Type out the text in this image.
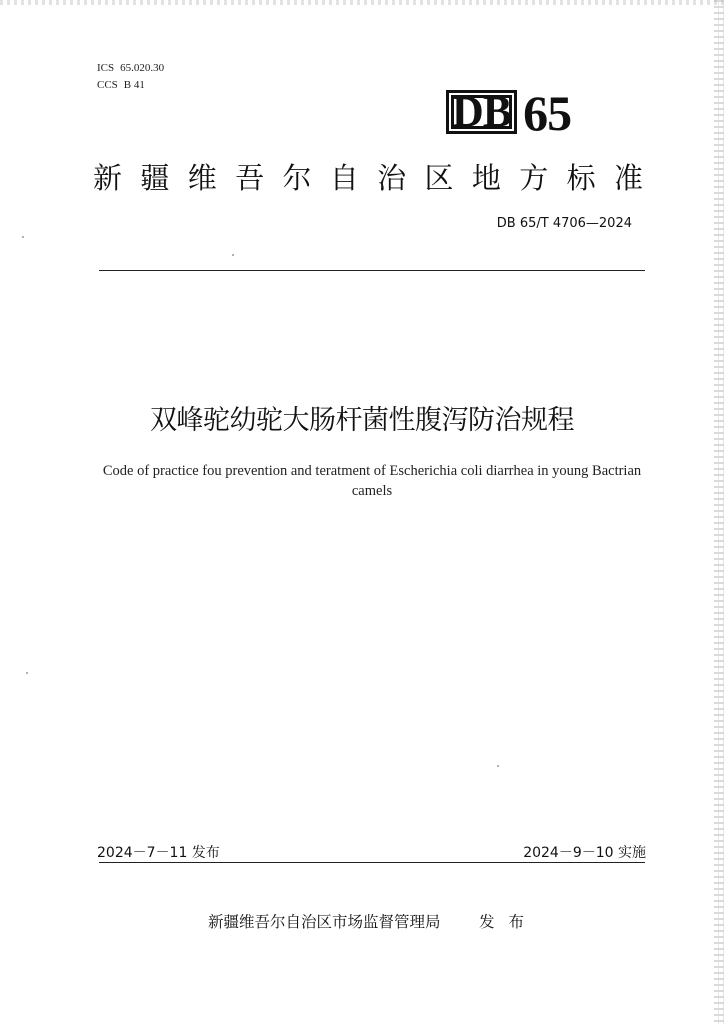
ICS 65.020.30
CCS B 41
DB 65
新 疆 维 吾 尔 自 治 区 地 方 标 准
DB 65/T 4706—2024
双峰驼幼驼大肠杆菌性腹泻防治规程
Code of practice fou prevention and teratment of Escherichia coli diarrhea in young Bactrian camels
2024－7－11 发布	2024－9－10 实施
新疆维吾尔自治区市场监督管理局 发布
